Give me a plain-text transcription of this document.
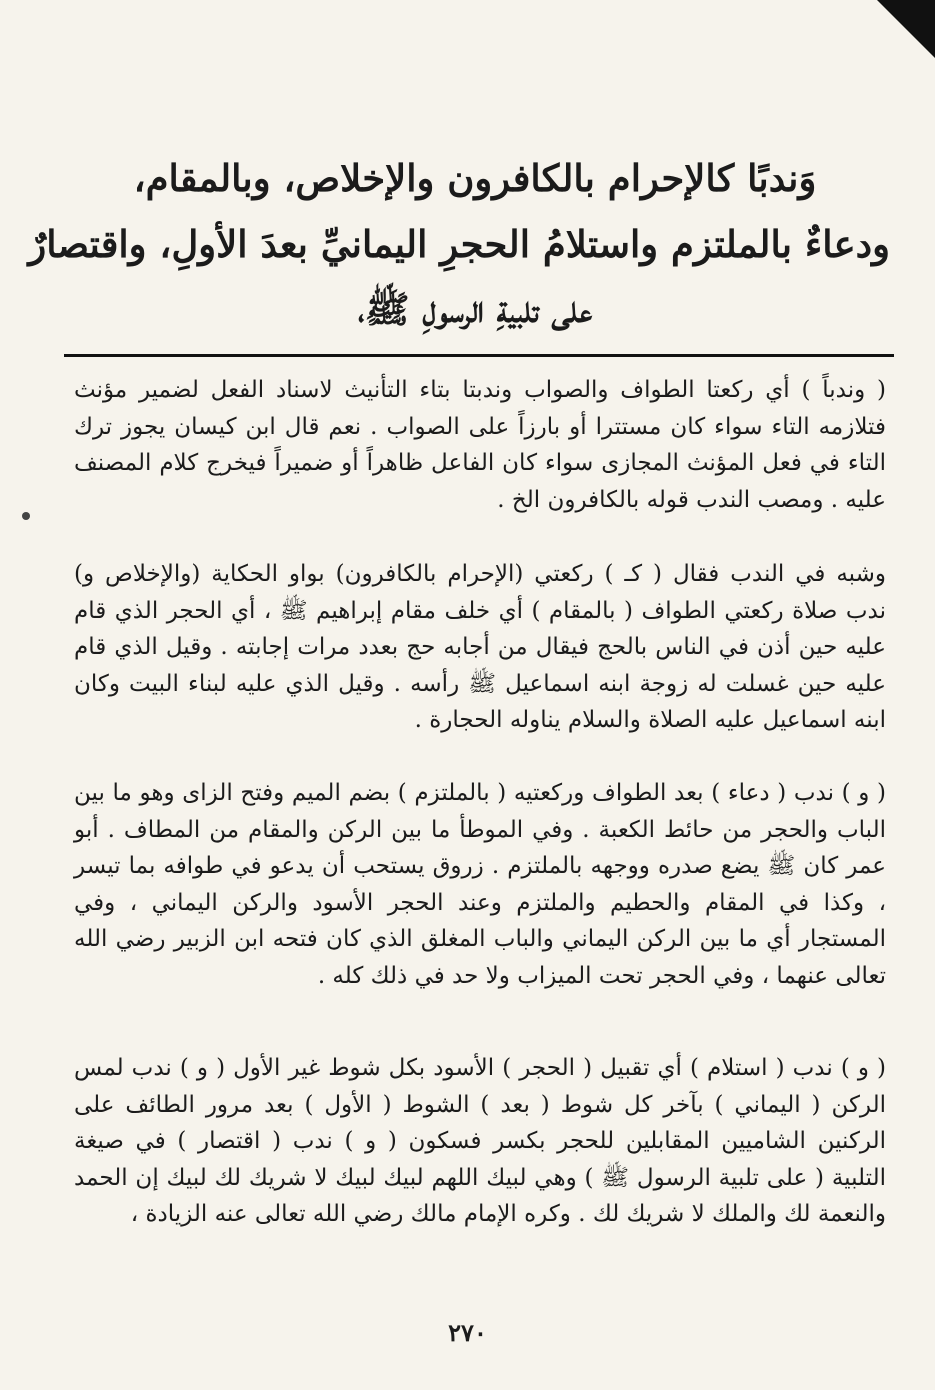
وَندبًا كالإحرام بالكافرون والإخلاص، وبالمقام،
ودعاءٌ بالملتزم واستلامُ الحجرِ اليمانيِّ بعدَ الأولِ، واقتصارٌ
على تلبيةِ الرسولِ ﷺ،
( وندباً ) أي ركعتا الطواف والصواب وندبتا بتاء التأنيث لاسناد الفعل لضمير مؤنث فتلازمه التاء سواء كان مستترا أو بارزاً على الصواب . نعم قال ابن كيسان يجوز ترك التاء في فعل المؤنث المجازى سواء كان الفاعل ظاهراً أو ضميراً فيخرج كلام المصنف عليه . ومصب الندب قوله بالكافرون الخ .
وشبه في الندب فقال ( كـ ) ركعتي (الإحرام بالكافرون) بواو الحكاية (والإخلاص و) ندب صلاة ركعتي الطواف ( بالمقام ) أي خلف مقام إبراهيم ﷺ ، أي الحجر الذي قام عليه حين أذن في الناس بالحج فيقال من أجابه حج بعدد مرات إجابته . وقيل الذي قام عليه حين غسلت له زوجة ابنه اسماعيل ﷺ رأسه . وقيل الذي عليه لبناء البيت وكان ابنه اسماعيل عليه الصلاة والسلام يناوله الحجارة .
( و ) ندب ( دعاء ) بعد الطواف وركعتيه ( بالملتزم ) بضم الميم وفتح الزاى وهو ما بين الباب والحجر من حائط الكعبة . وفي الموطأ ما بين الركن والمقام من المطاف . أبو عمر كان ﷺ يضع صدره ووجهه بالملتزم . زروق يستحب أن يدعو في طوافه بما تيسر ، وكذا في المقام والحطيم والملتزم وعند الحجر الأسود والركن اليماني ، وفي المستجار أي ما بين الركن اليماني والباب المغلق الذي كان فتحه ابن الزبير رضي الله تعالى عنهما ، وفي الحجر تحت الميزاب ولا حد في ذلك كله .
( و ) ندب ( استلام ) أي تقبيل ( الحجر ) الأسود بكل شوط غير الأول ( و ) ندب لمس الركن ( اليماني ) بآخر كل شوط ( بعد ) الشوط ( الأول ) بعد مرور الطائف على الركنين الشاميين المقابلين للحجر بكسر فسكون ( و ) ندب ( اقتصار ) في صيغة التلبية ( على تلبية الرسول ﷺ ) وهي لبيك اللهم لبيك لبيك لا شريك لك لبيك إن الحمد والنعمة لك والملك لا شريك لك . وكره الإمام مالك رضي الله تعالى عنه الزيادة ،
٢٧٠
